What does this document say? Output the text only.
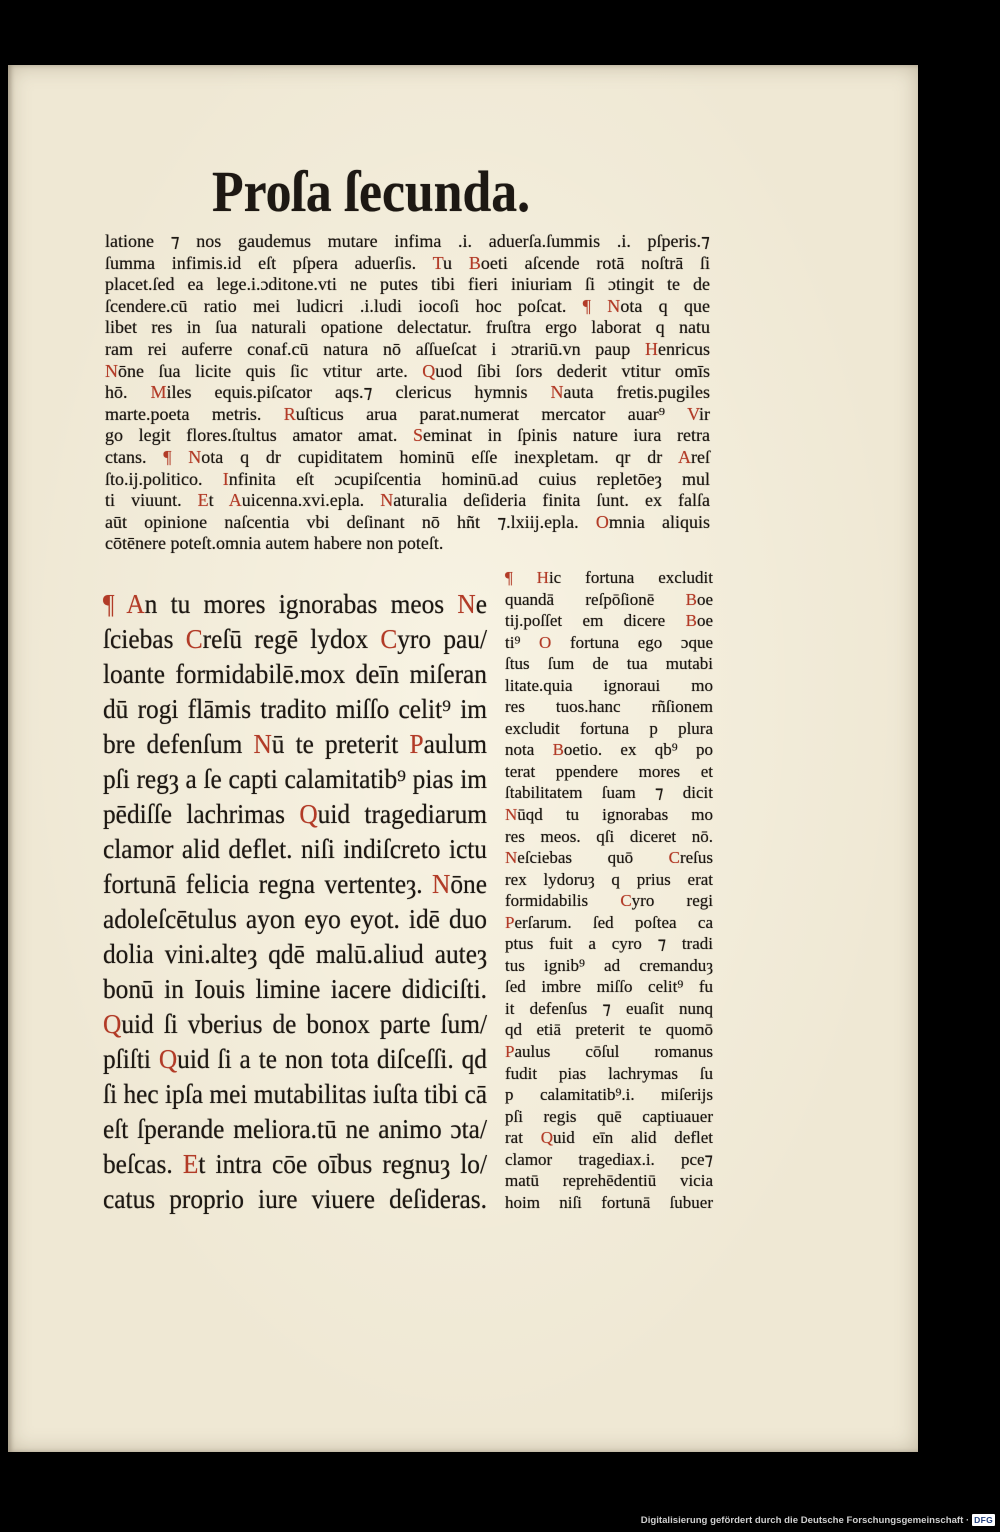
Proſa ſecunda.
latione ⁊ nos gaudemus mutare infima .i. aduerſa.ſummis .i. pſperis.⁊
ſumma infimis.id eſt pſpera aduerſis. Tu Boeti aſcende rotā noſtrā ſi
placet.ſed ea lege.i.ɔditone.vti ne putes tibi fieri iniuriam ſi ɔtingit te de
ſcendere.cū ratio mei ludicri .i.ludi iocoſi hoc poſcat. ¶ Nota q que
libet res in ſua naturali opatione delectatur. fruſtra ergo laborat q natu
ram rei auferre conaf.cū natura nō aſſueſcat i ɔtrariū.vn paup Henricus
Nōne ſua licite quis ſic vtitur arte. Quod ſibi ſors dederit vtitur omīs
hō. Miles equis.piſcator aqs.⁊ clericus hymnis Nauta fretis.pugiles
marte.poeta metris. Ruſticus arua parat.numerat mercator auar⁹ Vir
go legit flores.ſtultus amator amat. Seminat in ſpinis nature iura retra
ctans. ¶ Nota q dr cupiditatem hominū eſſe inexpletam. qr dr Areſ
ſto.ij.politico. Infinita eſt ɔcupiſcentia hominū.ad cuius repletōeȝ mul
ti viuunt. Et Auicenna.xvi.epla. Naturalia deſideria finita ſunt. ex falſa
aūt opinione naſcentia vbi deſinant nō hñt ⁊.lxiij.epla. Omnia aliquis
cōtēnere poteſt.omnia autem habere non poteſt.
¶ An tu mores ignorabas meos Ne
ſciebas Creſū regē lydox Cyro pau/
loante formidabilē.mox deīn miſeran
dū rogi flāmis tradito miſſo celit⁹ im
bre defenſum Nū te preterit Paulum
pſi regȝ a ſe capti calamitatib⁹ pias im
pēdiſſe lachrimas Quid tragediarum
clamor alid deflet. niſi indiſcreto ictu
fortunā felicia regna vertenteȝ. Nōne
adoleſcētulus ayon eyo eyot. idē duo
dolia vini.alteȝ qdē malū.aliud auteȝ
bonū in Iouis limine iacere didiciſti.
Quid ſi vberius de bonox parte ſum/
pſiſti Quid ſi a te non tota diſceſſi. qd
ſi hec ipſa mei mutabilitas iuſta tibi cā
eſt ſperande meliora.tū ne animo ɔta/
beſcas. Et intra cōe oībus regnuȝ lo/
catus proprio iure viuere deſideras.
¶ Hic fortuna excludit
quandā reſpōſionē Boe
tij.poſſet em dicere Boe
ti⁹ O fortuna ego ɔque
ſtus ſum de tua mutabi
litate.quia ignoraui mo
res tuos.hanc rñſionem
excludit fortuna p plura
nota Boetio. ex qb⁹ po
terat ppendere mores et
ſtabilitatem ſuam ⁊ dicit
Nūqd tu ignorabas mo
res meos. qſi diceret nō.
Neſciebas quō Creſus
rex lydoruȝ q prius erat
formidabilis Cyro regi
Perſarum. ſed poſtea ca
ptus fuit a cyro ⁊ tradi
tus ignib⁹ ad cremanduȝ
ſed imbre miſſo celit⁹ fu
it defenſus ⁊ euaſit nunq
qd etiā preterit te quomō
Paulus cōſul romanus
fudit pias lachrymas ſu
p calamitatib⁹.i. miſerijs
pſi regis quē captiuauer
rat Quid eīn alid deflet
clamor tragediax.i. pce⁊
matū reprehēdentiū vicia
hoim niſi fortunā ſubuer
Digitalisierung gefördert durch die Deutsche Forschungsgemeinschaft · DFG
